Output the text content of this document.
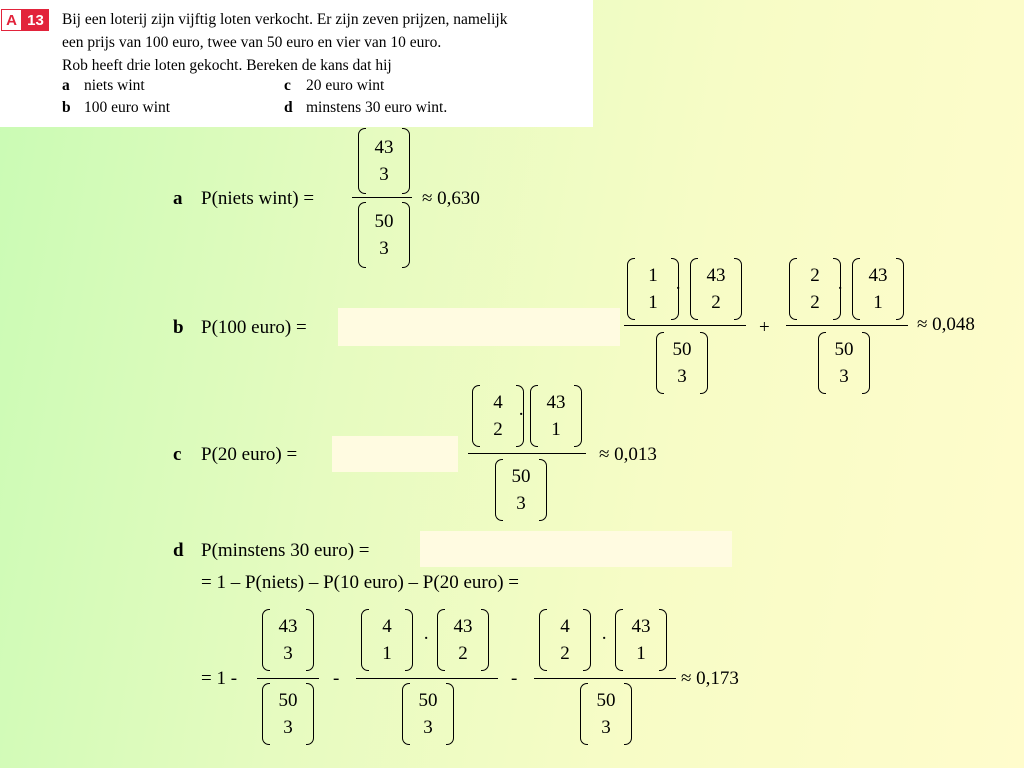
A 13	Bij een loterij zijn vijftig loten verkocht. Er zijn zeven prijzen, namelijk
een prijs van 100 euro, twee van 50 euro en vier van 10 euro.
Rob heeft drie loten gekocht. Bereken de kans dat hij
a niets wint	c 20 euro wint
b 100 euro wint	d minstens 30 euro wint.
a P(niets wint) =
43
3
50
3
≈ 0,630
b P(100 euro) =
1
1
·
43
2
50
3
+
2
2
·
43
1
50
3
≈ 0,048
c P(20 euro) =
4
2
·
43
1
50
3
≈ 0,013
d P(minstens 30 euro) =
= 1 – P(niets) – P(10 euro) – P(20 euro) =
= 1 -
43
3
50
3
-
4
1
·
43
2
50
3
-
4
2
·
43
1
50
3
≈ 0,173
